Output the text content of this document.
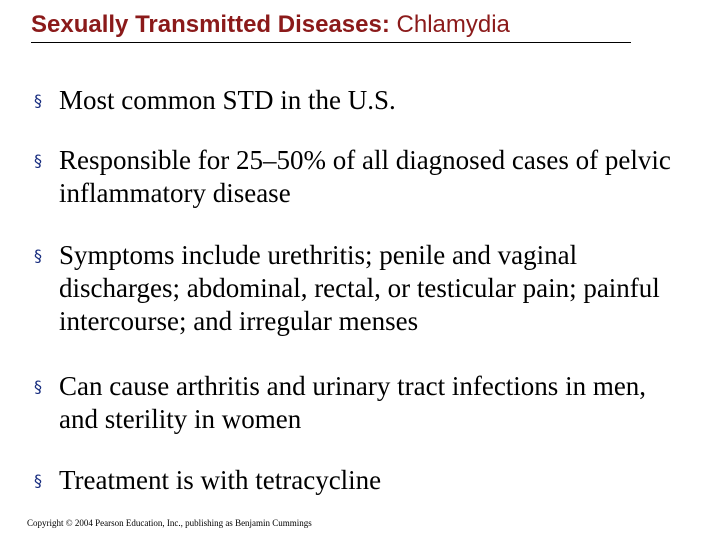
Sexually Transmitted Diseases: Chlamydia
§ Most common STD in the U.S.
§ Responsible for 25–50% of all diagnosed cases of pelvic inflammatory disease
§ Symptoms include urethritis; penile and vaginal discharges; abdominal, rectal, or testicular pain; painful intercourse; and irregular menses
§ Can cause arthritis and urinary tract infections in men, and sterility in women
§ Treatment is with tetracycline
Copyright © 2004 Pearson Education, Inc., publishing as Benjamin Cummings
